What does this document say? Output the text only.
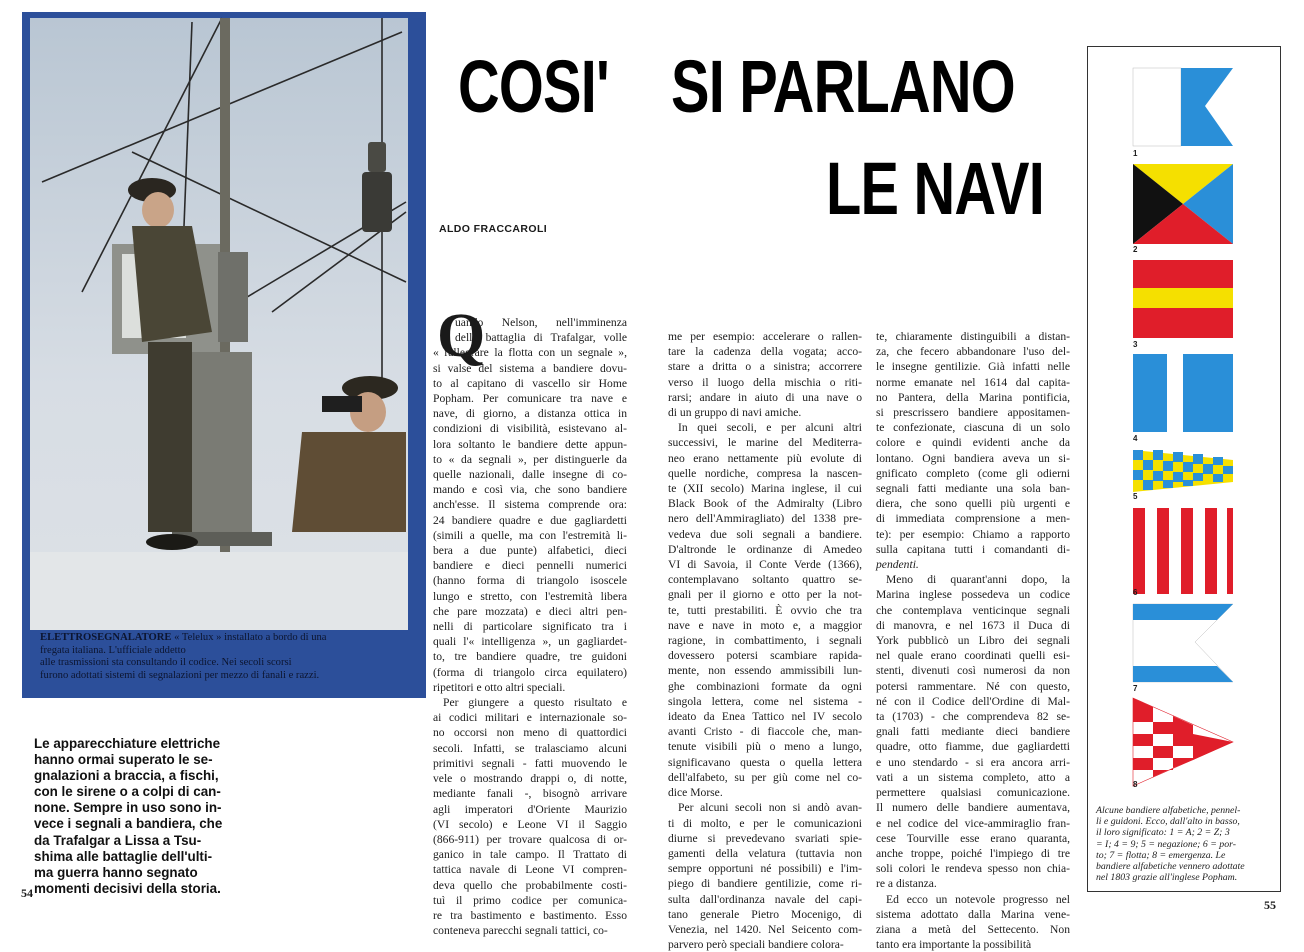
ELETTROSEGNALATORE « Telelux » installato a bordo di una
fregata italiana. L'ufficiale addetto
alle trasmissioni sta consultando il codice. Nei secoli scorsi
furono adottati sistemi di segnalazioni per mezzo di fanali e razzi.
Le apparecchiature elettriche
hanno ormai superato le se-
gnalazioni a braccia, a fischi,
con le sirene o a colpi di can-
none. Sempre in uso sono in-
vece i segnali a bandiera, che
da Trafalgar a Lissa a Tsu-
shima alle battaglie dell'ulti-
ma guerra hanno segnato
momenti decisivi della storia.
54
COSI' SI PARLANO
LE NAVI
ALDO FRACCAROLI
Q
uando Nelson, nell'imminenza
della battaglia di Trafalgar, volle
« rallegrare la flotta con un segnale »,
si valse del sistema a bandiere dovu-
to al capitano di vascello sir Home
Popham. Per comunicare tra nave e
nave, di giorno, a distanza ottica in
condizioni di visibilità, esistevano al-
lora soltanto le bandiere dette appun-
to « da segnali », per distinguerle da
quelle nazionali, dalle insegne di co-
mando e così via, che sono bandiere
anch'esse. Il sistema comprende ora:
24 bandiere quadre e due gagliardetti
(simili a quelle, ma con l'estremità li-
bera a due punte) alfabetici, dieci
bandiere e dieci pennelli numerici
(hanno forma di triangolo isoscele
lungo e stretto, con l'estremità libera
che pare mozzata) e dieci altri pen-
nelli di particolare significato tra i
quali l'« intelligenza », un gagliardet-
to, tre bandiere quadre, tre guidoni
(forma di triangolo circa equilatero)
ripetitori e otto altri speciali.
Per giungere a questo risultato e
ai codici militari e internazionale so-
no occorsi non meno di quattordici
secoli. Infatti, se tralasciamo alcuni
primitivi segnali - fatti muovendo le
vele o mostrando drappi o, di notte,
mediante fanali -, bisognò arrivare
agli imperatori d'Oriente Maurizio
(VI secolo) e Leone VI il Saggio
(866-911) per trovare qualcosa di or-
ganico in tale campo. Il Trattato di
tattica navale di Leone VI compren-
deva quello che probabilmente costi-
tuì il primo codice per comunica-
re tra bastimento e bastimento. Esso
conteneva parecchi segnali tattici, co-
me per esempio: accelerare o rallen-
tare la cadenza della vogata; acco-
stare a dritta o a sinistra; accorrere
verso il luogo della mischia o riti-
rarsi; andare in aiuto di una nave o
di un gruppo di navi amiche.
In quei secoli, e per alcuni altri
successivi, le marine del Mediterra-
neo erano nettamente più evolute di
quelle nordiche, compresa la nascen-
te (XII secolo) Marina inglese, il cui
Black Book of the Admiralty (Libro
nero dell'Ammiragliato) del 1338 pre-
vedeva due soli segnali a bandiere.
D'altronde le ordinanze di Amedeo
VI di Savoia, il Conte Verde (1366),
contemplavano soltanto quattro se-
gnali per il giorno e otto per la not-
te, tutti prestabiliti. È ovvio che tra
nave e nave in moto e, a maggior
ragione, in combattimento, i segnali
dovessero potersi scambiare rapida-
mente, non essendo ammissibili lun-
ghe combinazioni formate da ogni
singola lettera, come nel sistema -
ideato da Enea Tattico nel IV secolo
avanti Cristo - di fiaccole che, man-
tenute visibili più o meno a lungo,
significavano questa o quella lettera
dell'alfabeto, su per giù come nel co-
dice Morse.
Per alcuni secoli non si andò avan-
ti di molto, e per le comunicazioni
diurne si prevedevano svariati spie-
gamenti della velatura (tuttavia non
sempre opportuni né possibili) e l'im-
piego di bandiere gentilizie, come ri-
sulta dall'ordinanza navale del capi-
tano generale Pietro Mocenigo, di
Venezia, nel 1420. Nel Seicento com-
parvero però speciali bandiere colora-
te, chiaramente distinguibili a distan-
za, che fecero abbandonare l'uso del-
le insegne gentilizie. Già infatti nelle
norme emanate nel 1614 dal capita-
no Pantera, della Marina pontificia,
si prescrissero bandiere appositamen-
te confezionate, ciascuna di un solo
colore e quindi evidenti anche da
lontano. Ogni bandiera aveva un si-
gnificato completo (come gli odierni
segnali fatti mediante una sola ban-
diera, che sono quelli più urgenti e
di immediata comprensione a men-
te): per esempio: Chiamo a rapporto
sulla capitana tutti i comandanti di-
pendenti.
Meno di quarant'anni dopo, la
Marina inglese possedeva un codice
che contemplava venticinque segnali
di manovra, e nel 1673 il Duca di
York pubblicò un Libro dei segnali
nel quale erano coordinati quelli esi-
stenti, divenuti così numerosi da non
potersi rammentare. Né con questo,
né con il Codice dell'Ordine di Mal-
ta (1703) - che comprendeva 82 se-
gnali fatti mediante dieci bandiere
quadre, otto fiamme, due gagliardetti
e uno stendardo - si era ancora arri-
vati a un sistema completo, atto a
permettere qualsiasi comunicazione.
Il numero delle bandiere aumentava,
e nel codice del vice-ammiraglio fran-
cese Tourville esse erano quaranta,
anche troppe, poiché l'impiego di tre
soli colori le rendeva spesso non chia-
re a distanza.
Ed ecco un notevole progresso nel
sistema adottato dalla Marina vene-
ziana a metà del Settecento. Non
tanto era importante la possibilità
1
2
3
4
5
6
7
8
Alcune bandiere alfabetiche, pennel-
li e guidoni. Ecco, dall'alto in basso,
il loro significato: 1 = A; 2 = Z; 3
= I; 4 = 9; 5 = negazione; 6 = por-
to; 7 = flotta; 8 = emergenza. Le
bandiere alfabetiche vennero adottate
nel 1803 grazie all'inglese Popham.
55
